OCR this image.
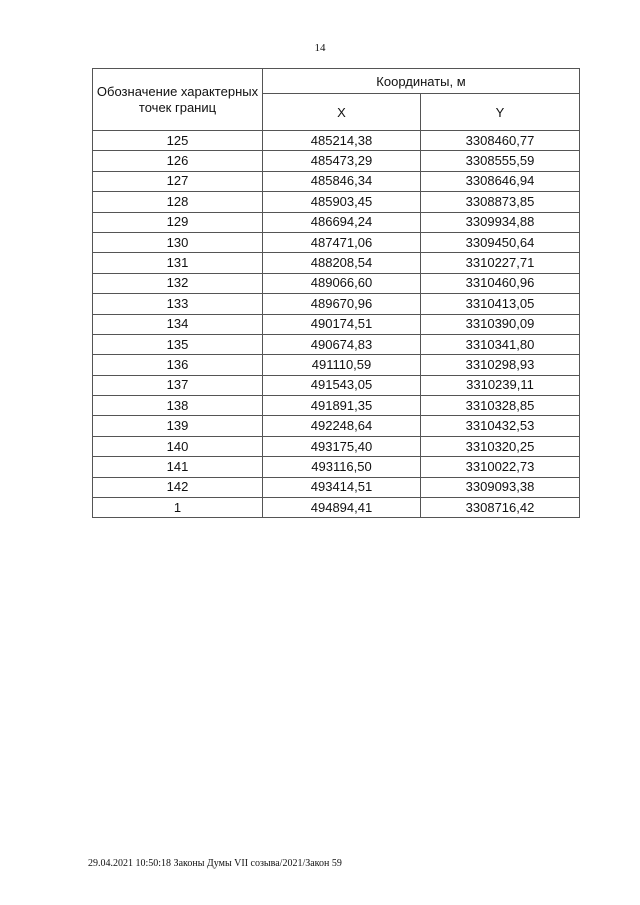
14
Обозначение характерных точек границ	Координаты, м	
	X	Y
125	485214,38	3308460,77
126	485473,29	3308555,59
127	485846,34	3308646,94
128	485903,45	3308873,85
129	486694,24	3309934,88
130	487471,06	3309450,64
131	488208,54	3310227,71
132	489066,60	3310460,96
133	489670,96	3310413,05
134	490174,51	3310390,09
135	490674,83	3310341,80
136	491110,59	3310298,93
137	491543,05	3310239,11
138	491891,35	3310328,85
139	492248,64	3310432,53
140	493175,40	3310320,25
141	493116,50	3310022,73
142	493414,51	3309093,38
1	494894,41	3308716,42
29.04.2021 10:50:18 Законы Думы VII созыва/2021/Закон 59
